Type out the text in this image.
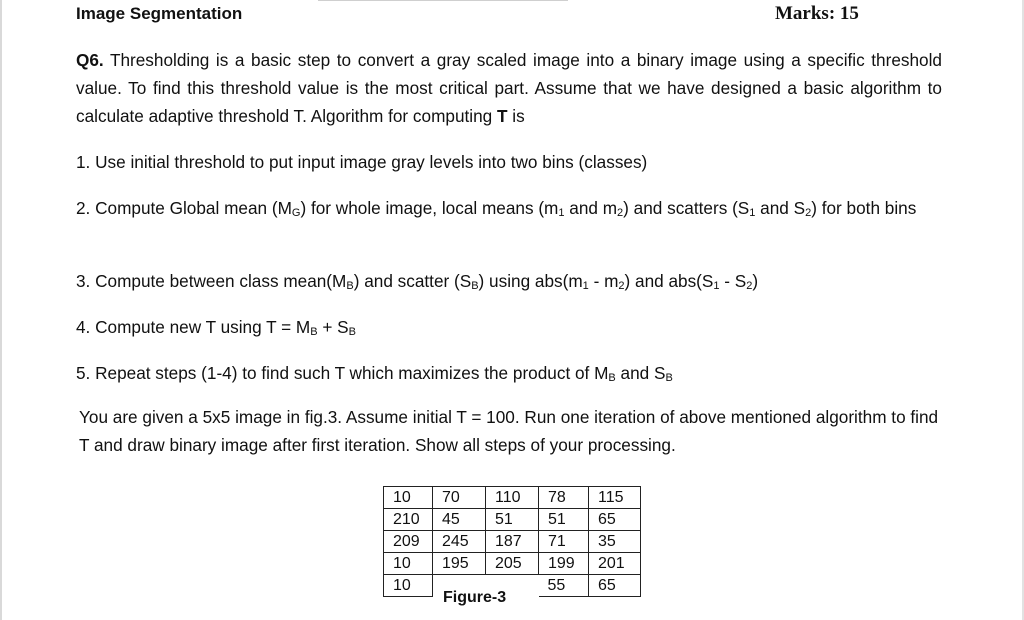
Image Segmentation	Marks: 15
Q6. Thresholding is a basic step to convert a gray scaled image into a binary image using a specific threshold value. To find this threshold value is the most critical part. Assume that we have designed a basic algorithm to calculate adaptive threshold T. Algorithm for computing T is
1. Use initial threshold to put input image gray levels into two bins (classes)
2. Compute Global mean $(M_G)$ for whole image, local means ($m_1$ and $m_2$) and scatters ($S_1$ and $S_2$) for both bins
3. Compute between class $mean(M_B)$ and scatter $(S_B)$ using $abs(m_1 - m_2)$ and $abs(S_1 - S_2)$
4. Compute new T using $T = M_B + S_B$
5. Repeat steps (1-4) to find such T which maximizes the product of $M_B$ and $S_B$
You are given a 5x5 image in fig.3. Assume initial T = 100. Run one iteration of above mentioned algorithm to find T and draw binary image after first iteration. Show all steps of your processing.
10	70	110	78	115
210	45	51	51	65
209	245	187	71	35
10	195	205	199	201
10			55	65
Figure-3
